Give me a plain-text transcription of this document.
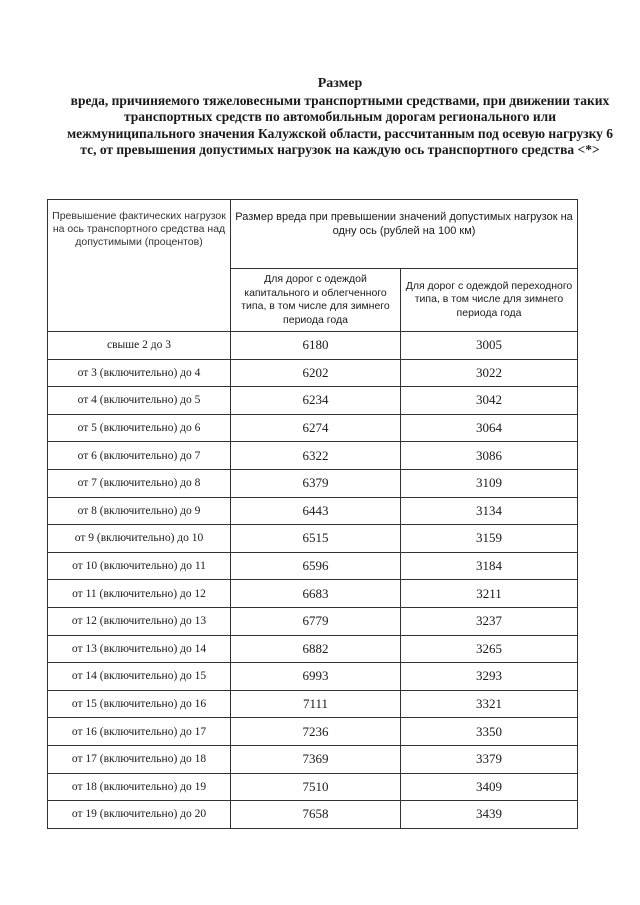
Размер
вреда, причиняемого тяжеловесными транспортными средствами, при движении таких транспортных средств по автомобильным дорогам регионального или межмуниципального значения Калужской области, рассчитанным под осевую нагрузку 6 тс, от превышения допустимых нагрузок на каждую ось транспортного средства <*>
Превышение фактических нагрузок на ось транспортного средства над допустимыми (процентов)	Размер вреда при превышении значений допустимых нагрузок на одну ось (рублей на 100 км)	
	Для дорог с одеждой капитального и облегченного типа, в том числе для зимнего периода года	Для дорог с одеждой переходного типа, в том числе для зимнего периода года
свыше 2 до 3	6180	3005
от 3 (включительно) до 4	6202	3022
от 4 (включительно) до 5	6234	3042
от 5 (включительно) до 6	6274	3064
от 6 (включительно) до 7	6322	3086
от 7 (включительно) до 8	6379	3109
от 8 (включительно) до 9	6443	3134
от 9 (включительно) до 10	6515	3159
от 10 (включительно) до 11	6596	3184
от 11 (включительно) до 12	6683	3211
от 12 (включительно) до 13	6779	3237
от 13 (включительно) до 14	6882	3265
от 14 (включительно) до 15	6993	3293
от 15 (включительно) до 16	7111	3321
от 16 (включительно) до 17	7236	3350
от 17 (включительно) до 18	7369	3379
от 18 (включительно) до 19	7510	3409
от 19 (включительно) до 20	7658	3439
